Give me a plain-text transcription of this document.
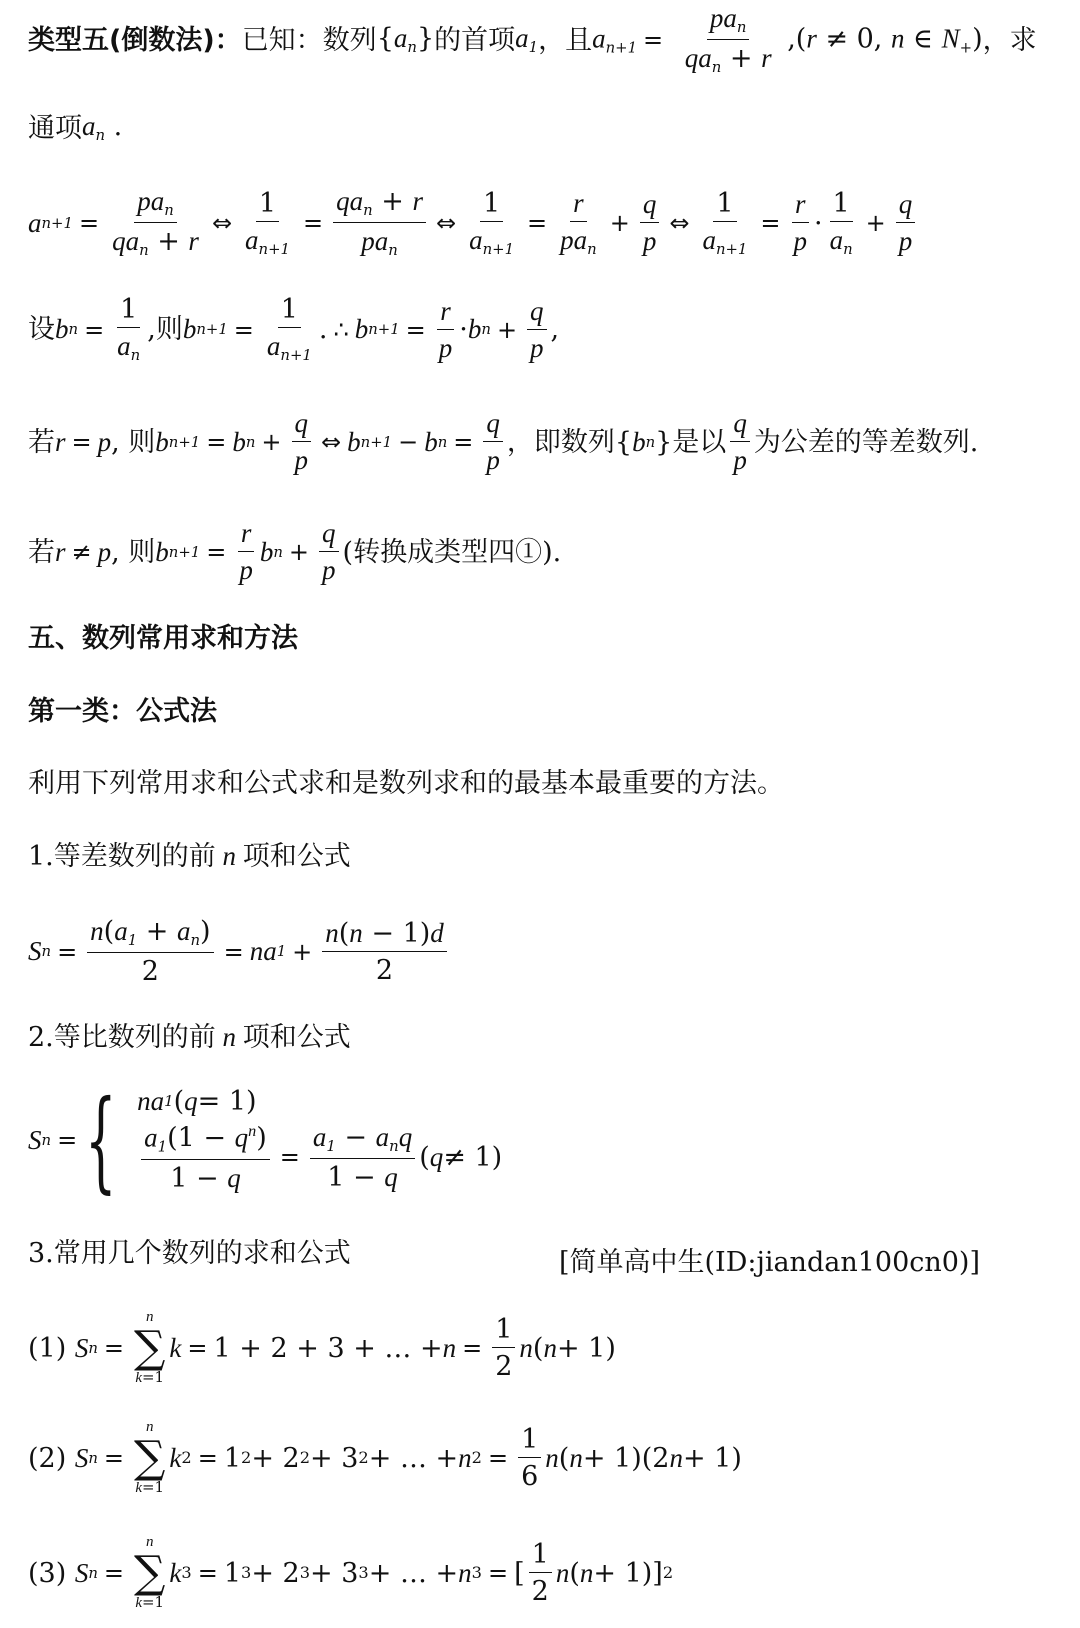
类型五(倒数法)： 已知：数列 $\{a_n\}$ 的首项 $a_1$ ，且 $a_{n+1} = \frac{pa_n}{qa_n + r} ,(r \ne 0$, n ∈ $N_+$) ，求
通项 $a_n$ .
a $n+1 = \frac{pa_n}{qa_n + r}$ ⇔ $\frac{1}{a_{n+1}} = \frac{qa_n + r}{pa_n}$ ⇔ $\frac{1}{a_{n+1}} = \frac{r}{pa_n} + \frac{q}{p}$ ⇔ $\frac{1}{a_{n+1}} = \frac{r}{p} \cdot \frac{1}{a_n} + \frac{q}{p}$
设 b $n = \frac{1}{a_n}$ ,则 b $n+1 = \frac{1}{a_{n+1}}$ . ∴ b $n+1 = \frac{r}{p} \cdot b$ $n + \frac{q}{p}$ ,
若 r = p , 则 b n+1 = b $n + \frac{q}{p}$ ⇔ b n+1 − b $n = \frac{q}{p}$ ，即数列 { b n } 是以 $\frac{q}{p}$ 为公差的等差数列.
若 r ≠ p , 则 b $n+1 = \frac{r}{p}$ b $n + \frac{q}{p}$ (转换成类型四①).
五、数列常用求和方法
第一类：公式法
利用下列常用求和公式求和是数列求和的最基本最重要的方法。
1.等差数列的前 n 项和公式
S $n = \frac{n(a_1 + a_n)}{2}$ = na $1 + \frac{n(n - 1)d}{2}$
2.等比数列的前 n 项和公式
S n = { na 1 ( q = 1)
$\frac{a_1(1 - q^n)}{1 - q} = \frac{a_1 - a_nq}{1 - q}$ ( q ≠ 1)
3.常用几个数列的求和公式	[简单高中生(ID:jiandan100cn0)]
(1) S n =
n
∑
k=1
k = 1 + 2 + 3 + … + $n = \frac{1}{2}$ n ( n + 1)
(2) S n =
n
∑
k=1
k 2 = 1 2 + 2 2 + 3 2 + … + n $2 = \frac{1}{6}$ n ( n + 1)(2 n + 1)
(3) S n =
n
∑
k=1
k 3 = 1 3 + 2 3 + 3 3 + … + n 3 = [ $\frac{1}{2}$ n ( n + 1)] 2
